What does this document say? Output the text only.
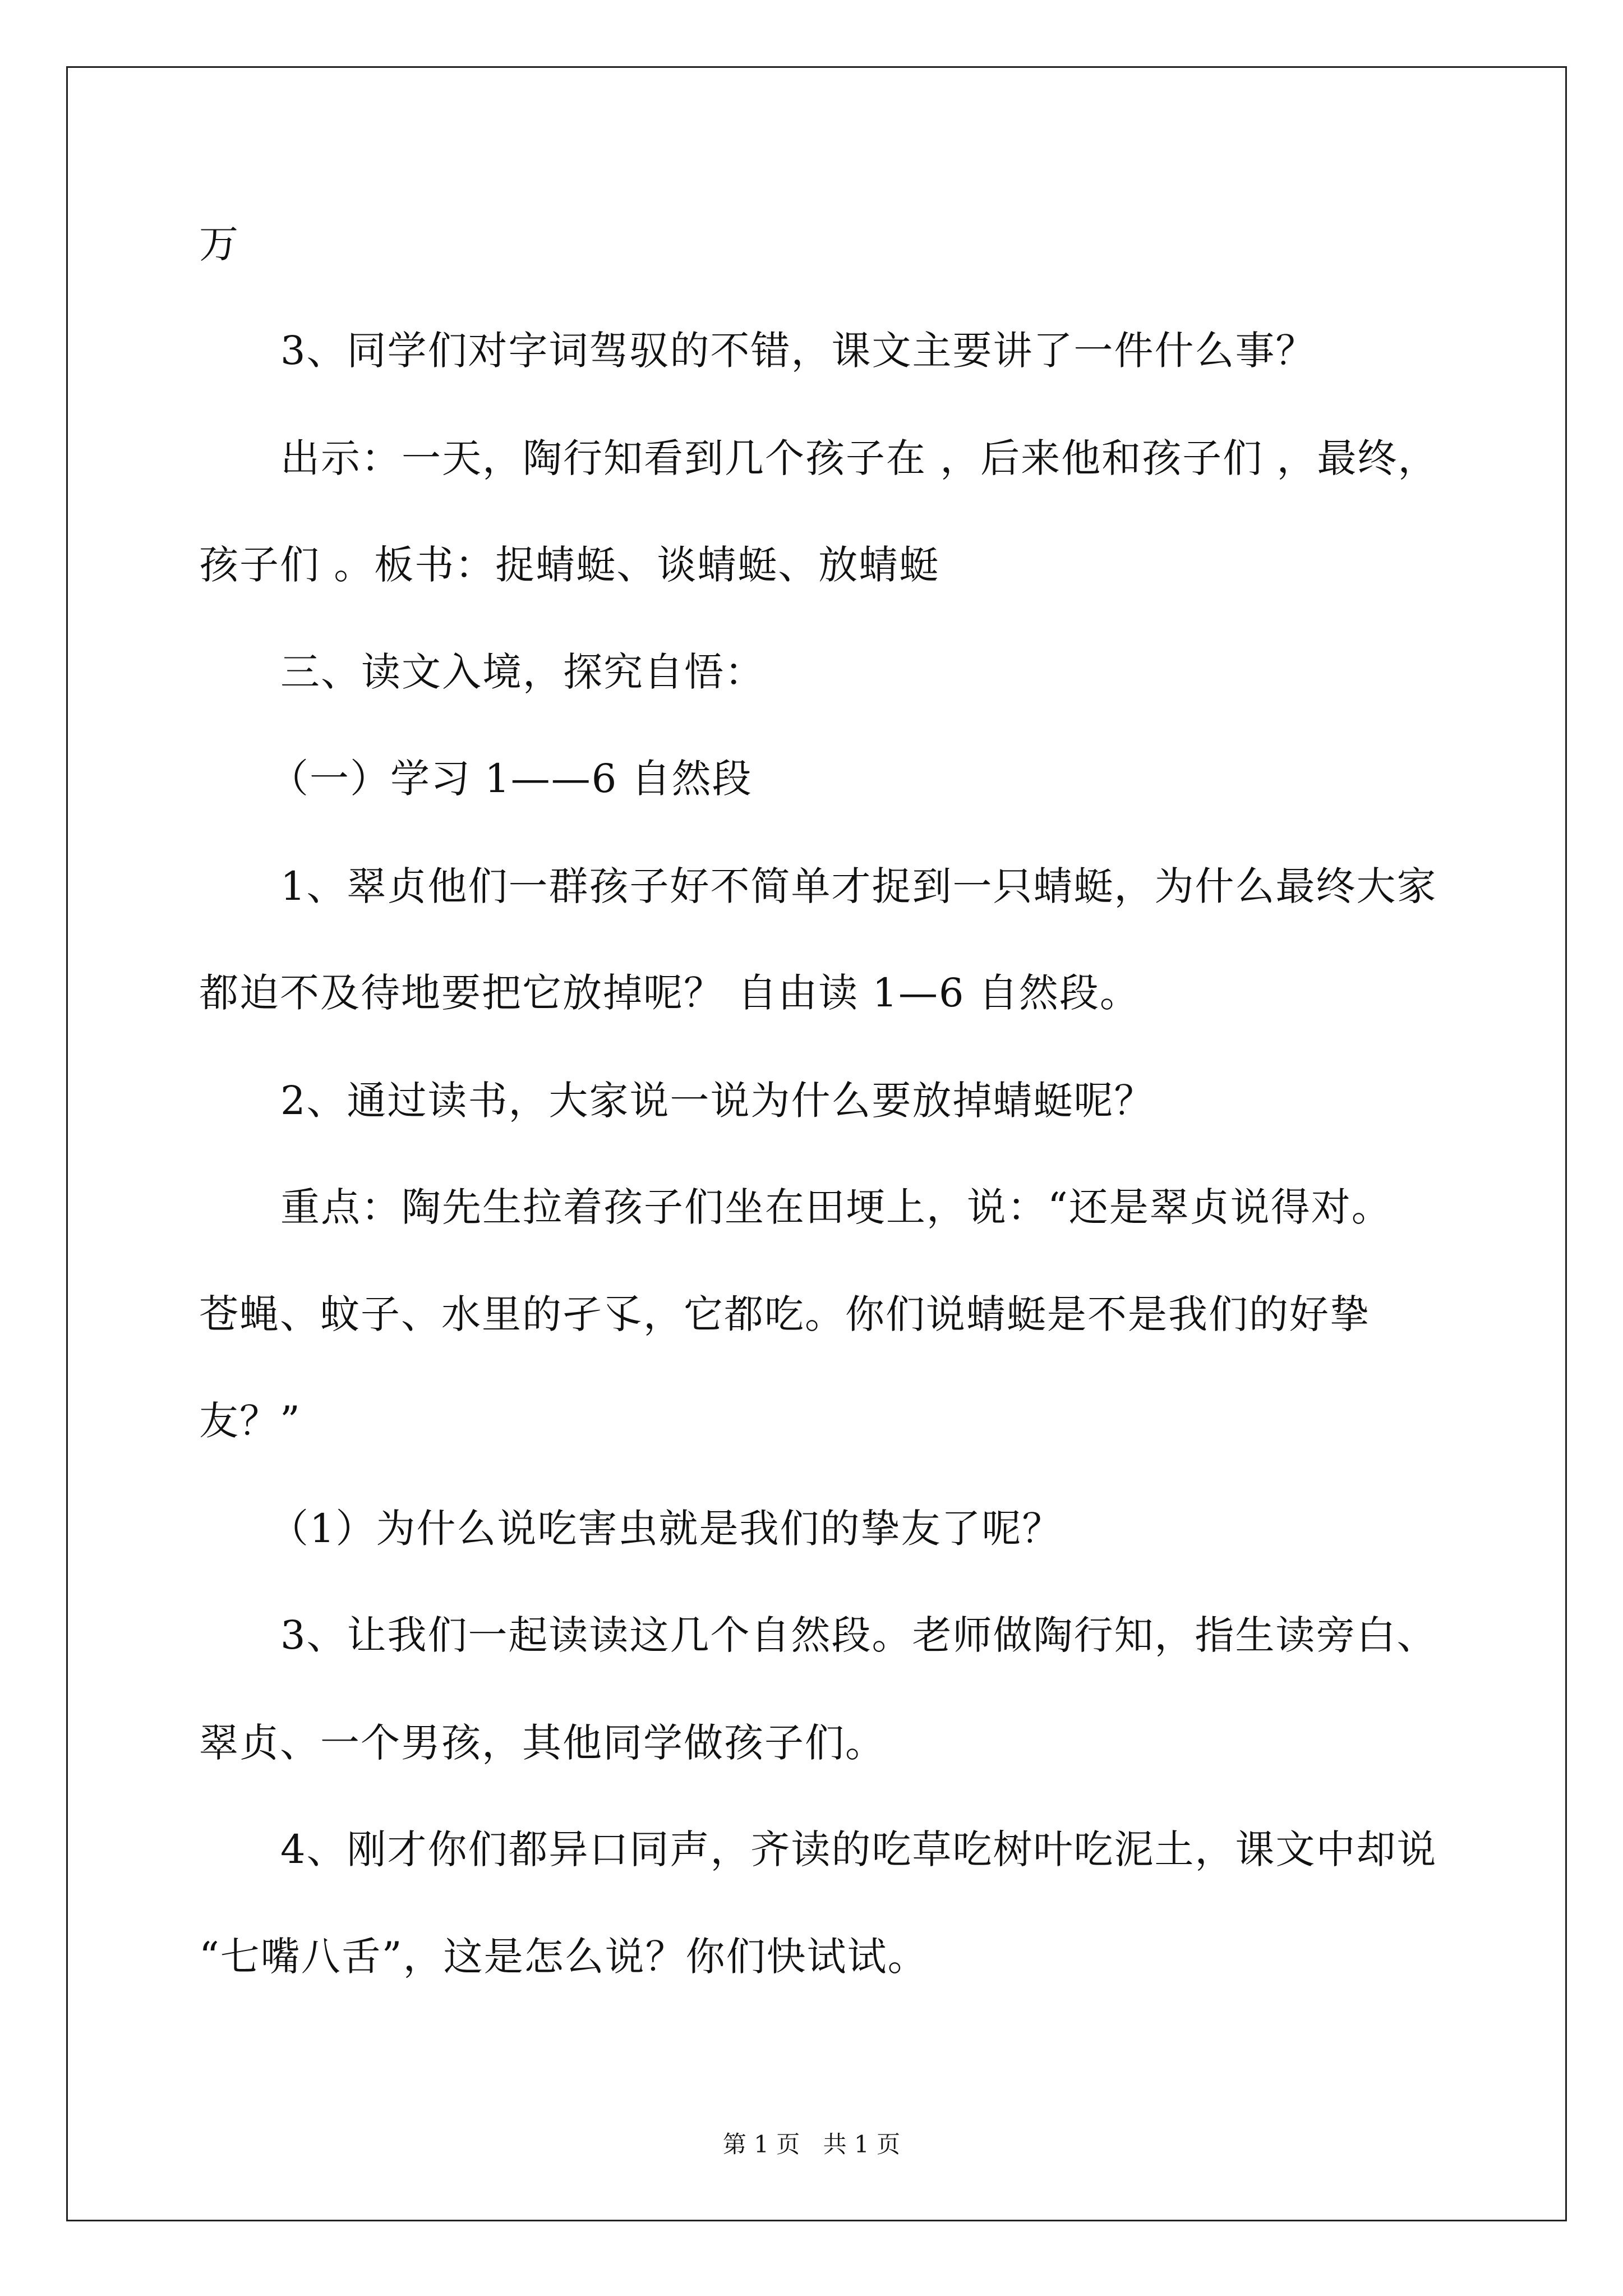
万
3、同学们对字词驾驭的不错，课文主要讲了一件什么事？
出示：一天，陶行知看到几个孩子在 ，后来他和孩子们 ，最终，
孩子们 。板书：捉蜻蜓、谈蜻蜓、放蜻蜓
三、读文入境，探究自悟：
（一）学习 1——6 自然段
1、翠贞他们一群孩子好不简单才捉到一只蜻蜓，为什么最终大家
都迫不及待地要把它放掉呢？ 自由读 1—6 自然段。
2、通过读书，大家说一说为什么要放掉蜻蜓呢？
重点：陶先生拉着孩子们坐在田埂上，说：“还是翠贞说得对。
苍蝇、蚊子、水里的孑孓，它都吃。你们说蜻蜓是不是我们的好挚
友？”
（1）为什么说吃害虫就是我们的挚友了呢？
3、让我们一起读读这几个自然段。老师做陶行知，指生读旁白、
翠贞、一个男孩，其他同学做孩子们。
4、刚才你们都异口同声，齐读的吃草吃树叶吃泥土，课文中却说
“七嘴八舌”，这是怎么说？你们快试试。
第 1 页 共 1 页
